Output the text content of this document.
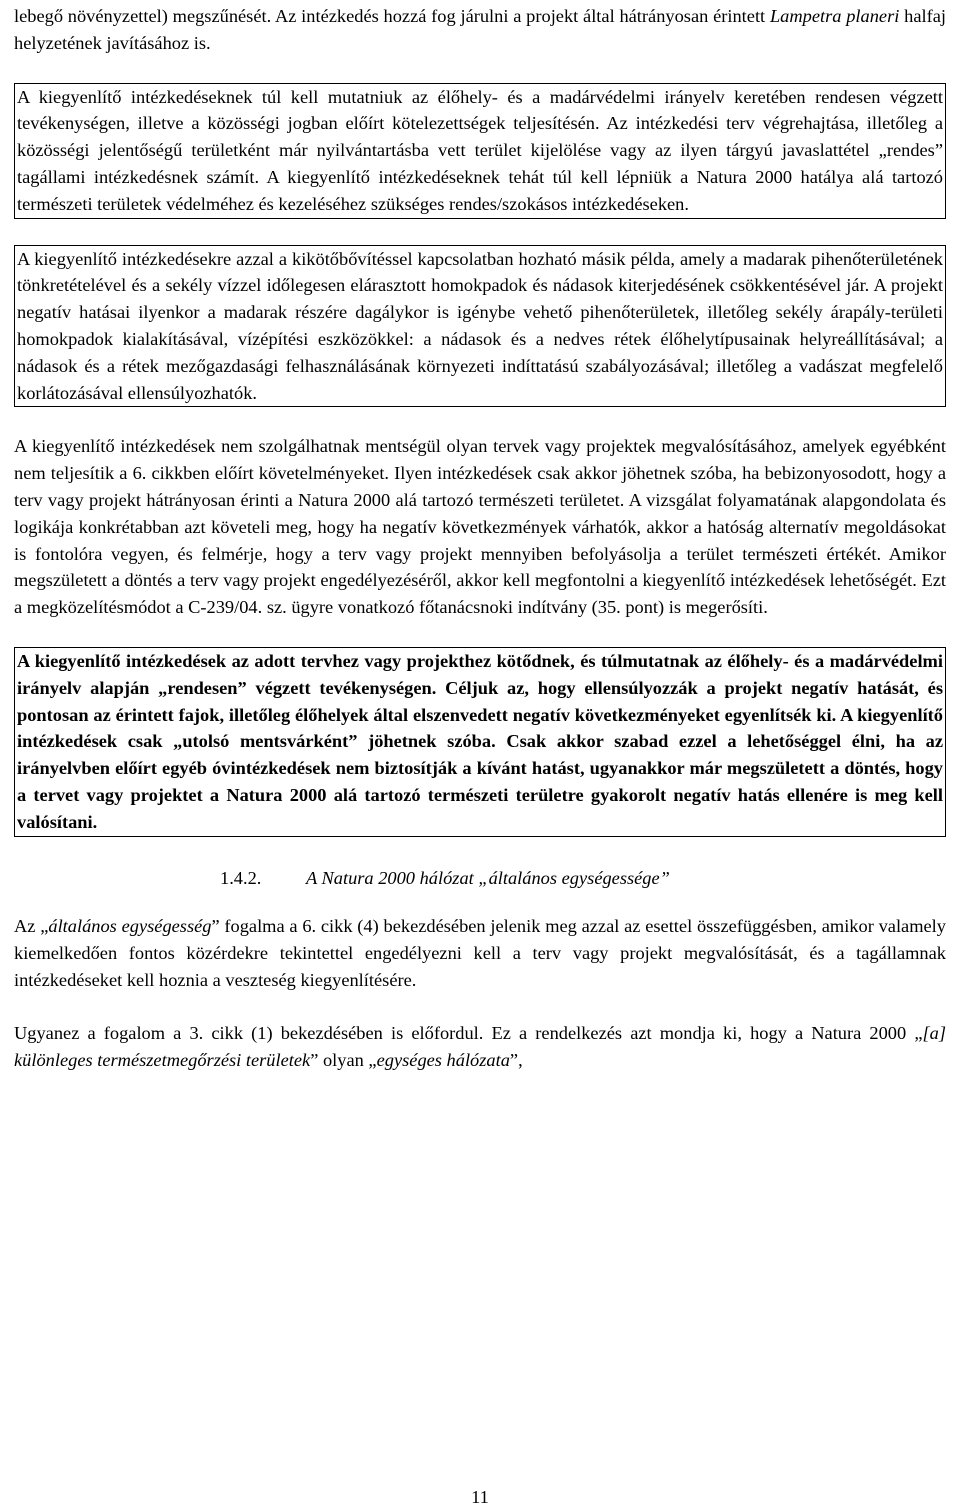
lebegő növényzettel) megszűnését. Az intézkedés hozzá fog járulni a projekt által hátrányosan érintett Lampetra planeri halfaj helyzetének javításához is.

A kiegyenlítő intézkedéseknek túl kell mutatniuk az élőhely- és a madárvédelmi irányelv keretében rendesen végzett tevékenységen, illetve a közösségi jogban előírt kötelezettségek teljesítésén. Az intézkedési terv végrehajtása, illetőleg a közösségi jelentőségű területként már nyilvántartásba vett terület kijelölése vagy az ilyen tárgyú javaslattétel „rendes” tagállami intézkedésnek számít. A kiegyenlítő intézkedéseknek tehát túl kell lépniük a Natura 2000 hatálya alá tartozó természeti területek védelméhez és kezeléséhez szükséges rendes/szokásos intézkedéseken.

A kiegyenlítő intézkedésekre azzal a kikötőbővítéssel kapcsolatban hozható másik példa, amely a madarak pihenőterületének tönkretételével és a sekély vízzel időlegesen elárasztott homokpadok és nádasok kiterjedésének csökkentésével jár. A projekt negatív hatásai ilyenkor a madarak részére dagálykor is igénybe vehető pihenőterületek, illetőleg sekély árapály-területi homokpadok kialakításával, vízépítési eszközökkel: a nádasok és a nedves rétek élőhelytípusainak helyreállításával; a nádasok és a rétek mezőgazdasági felhasználásának környezeti indíttatású szabályozásával; illetőleg a vadászat megfelelő korlátozásával ellensúlyozhatók.

A kiegyenlítő intézkedések nem szolgálhatnak mentségül olyan tervek vagy projektek megvalósításához, amelyek egyébként nem teljesítik a 6. cikkben előírt követelményeket. Ilyen intézkedések csak akkor jöhetnek szóba, ha bebizonyosodott, hogy a terv vagy projekt hátrányosan érinti a Natura 2000 alá tartozó természeti területet. A vizsgálat folyamatának alapgondolata és logikája konkrétabban azt követeli meg, hogy ha negatív következmények várhatók, akkor a hatóság alternatív megoldásokat is fontolóra vegyen, és felmérje, hogy a terv vagy projekt mennyiben befolyásolja a terület természeti értékét. Amikor megszületett a döntés a terv vagy projekt engedélyezéséről, akkor kell megfontolni a kiegyenlítő intézkedések lehetőségét. Ezt a megközelítésmódot a C-239/04. sz. ügyre vonatkozó főtanácsnoki indítvány (35. pont) is megerősíti.

A kiegyenlítő intézkedések az adott tervhez vagy projekthez kötődnek, és túlmutatnak az élőhely- és a madárvédelmi irányelv alapján „rendesen” végzett tevékenységen. Céljuk az, hogy ellensúlyozzák a projekt negatív hatását, és pontosan az érintett fajok, illetőleg élőhelyek által elszenvedett negatív következményeket egyenlítsék ki. A kiegyenlítő intézkedések csak „utolsó mentsvárként” jöhetnek szóba. Csak akkor szabad ezzel a lehetőséggel élni, ha az irányelvben előírt egyéb óvintézkedések nem biztosítják a kívánt hatást, ugyanakkor már megszületett a döntés, hogy a tervet vagy projektet a Natura 2000 alá tartozó természeti területre gyakorolt negatív hatás ellenére is meg kell valósítani.

1.4.2. A Natura 2000 hálózat „általános egységessége”

Az „általános egységesség” fogalma a 6. cikk (4) bekezdésében jelenik meg azzal az esettel összefüggésben, amikor valamely kiemelkedően fontos közérdekre tekintettel engedélyezni kell a terv vagy projekt megvalósítását, és a tagállamnak intézkedéseket kell hoznia a veszteség kiegyenlítésére.

Ugyanez a fogalom a 3. cikk (1) bekezdésében is előfordul. Ez a rendelkezés azt mondja ki, hogy a Natura 2000 „[a] különleges természetmegőrzési területek” olyan „egységes hálózata”,

11
